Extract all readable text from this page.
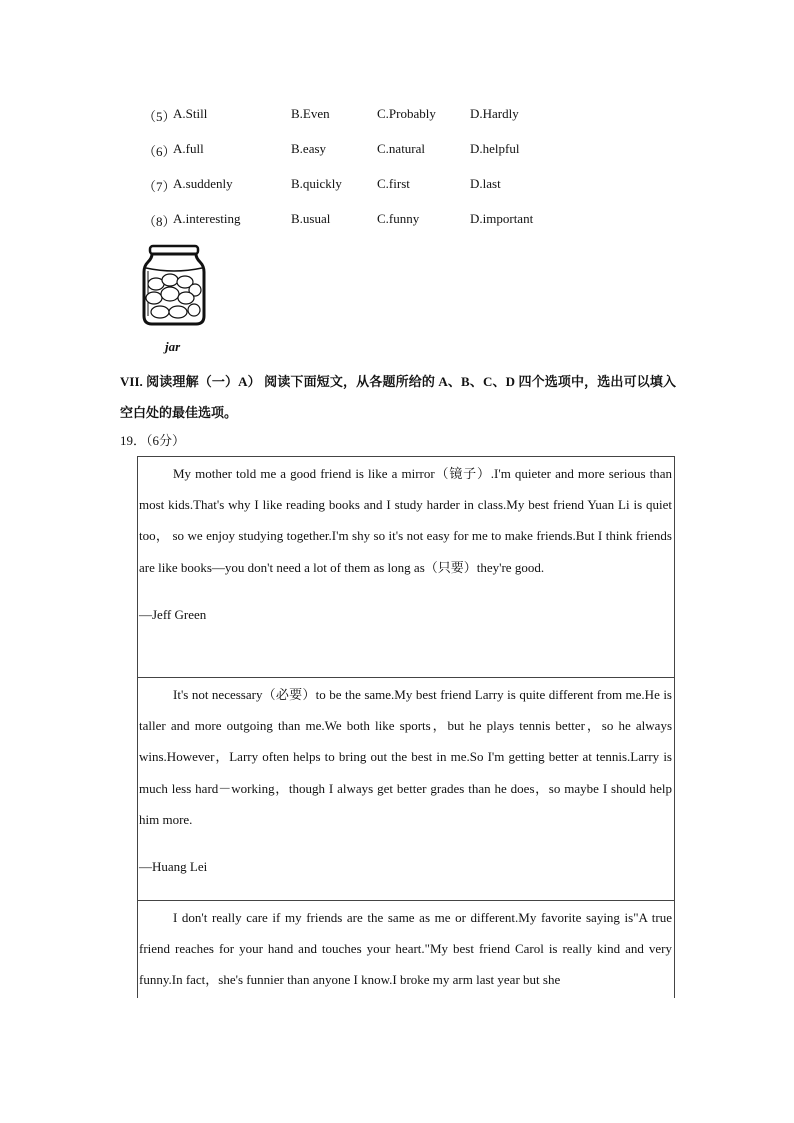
（5）
A.Still	B.Even	C.Probably	D.Hardly
（6）
A.full	B.easy	C.natural	D.helpful
（7）
A.suddenly	B.quickly	C.first	D.last
（8）
A.interesting	B.usual	C.funny	D.important
jar
VII. 阅读理解（一）A） 阅读下面短文，从各题所给的 A、B、C、D 四个选项中，选出可以填入空白处的最佳选项。
19．（6分）

My mother told me a good friend is like a mirror（镜子）.I'm quieter and more serious than most kids.That's why I like reading books and I study harder in class.My best friend Yuan Li is quiet too， so we enjoy studying together.I'm shy so it's not easy for me to make friends.But I think friends are like books—you don't need a lot of them as long as（只要）they're good.

—Jeff Green

It's not necessary（必要）to be the same.My best friend Larry is quite different from me.He is taller and more outgoing than me.We both like sports，but he plays tennis better，so he always wins.However，Larry often helps to bring out the best in me.So I'm getting better at tennis.Larry is much less hard－working，though I always get better grades than he does，so maybe I should help him more.

—Huang Lei

I don't really care if my friends are the same as me or different.My favorite saying is"A true friend reaches for your hand and touches your heart."My best friend Carol is really kind and very funny.In fact，she's funnier than anyone I know.I broke my arm last year but she
